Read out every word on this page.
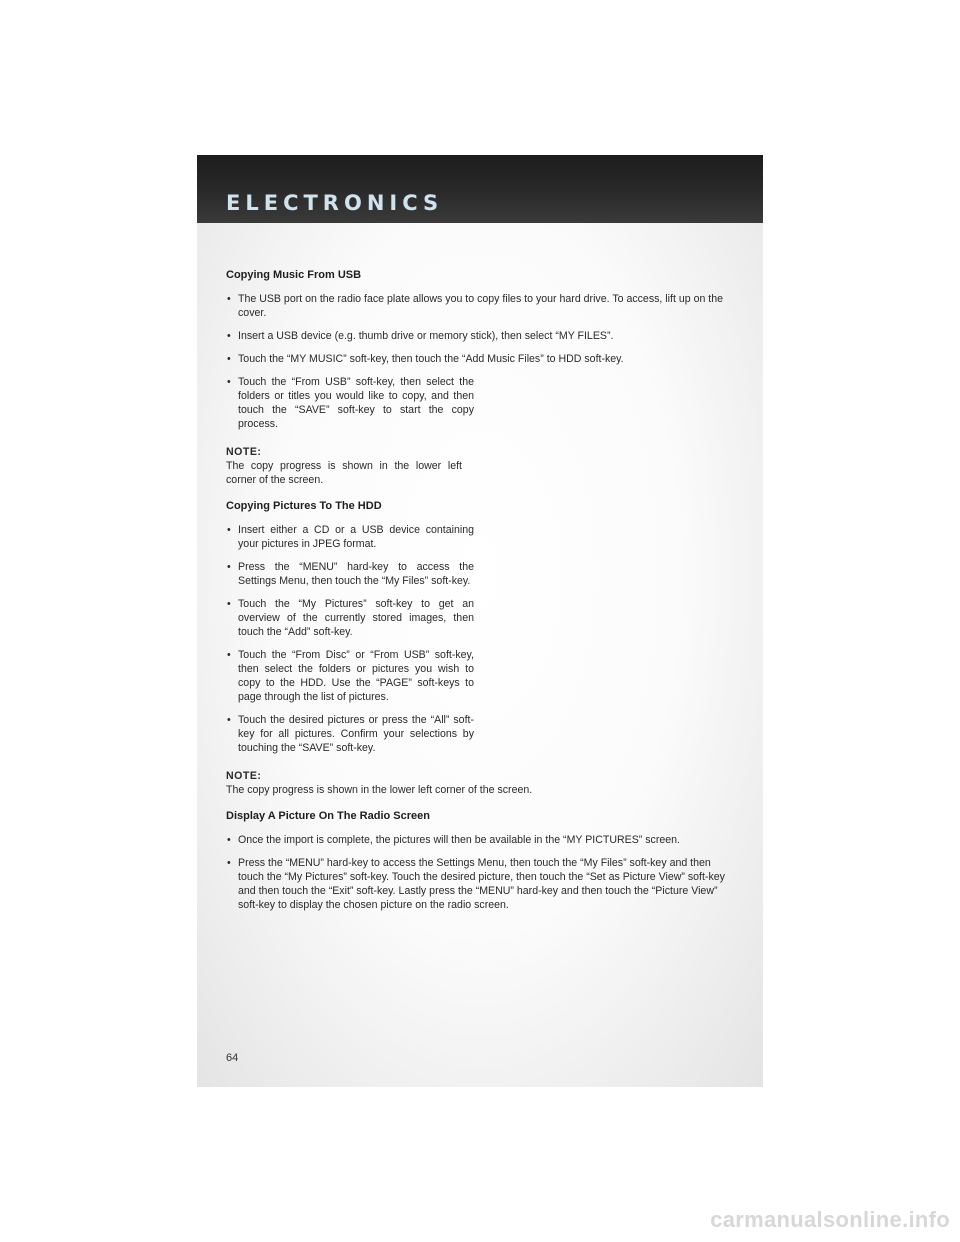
ELECTRONICS
Copying Music From USB
• The USB port on the radio face plate allows you to copy files to your hard drive. To access, lift up on the cover.
• Insert a USB device (e.g. thumb drive or memory stick), then select “MY FILES”.
• Touch the “MY MUSIC” soft-key, then touch the “Add Music Files” to HDD soft-key.
• Touch the “From USB” soft-key, then select the folders or titles you would like to copy, and then touch the “SAVE” soft-key to start the copy process.
NOTE:

The copy progress is shown in the lower left corner of the screen.

Copying Pictures To The HDD
• Insert either a CD or a USB device containing your pictures in JPEG format.
• Press the “MENU” hard-key to access the Settings Menu, then touch the “My Files” soft-key.
• Touch the “My Pictures” soft-key to get an overview of the currently stored images, then touch the “Add” soft-key.
• Touch the “From Disc” or “From USB” soft-key, then select the folders or pictures you wish to copy to the HDD. Use the “PAGE” soft-keys to page through the list of pictures.
• Touch the desired pictures or press the “All” soft-key for all pictures. Confirm your selections by touching the “SAVE” soft-key.
NOTE:

The copy progress is shown in the lower left corner of the screen.

Display A Picture On The Radio Screen
• Once the import is complete, the pictures will then be available in the “MY PICTURES” screen.
• Press the “MENU” hard-key to access the Settings Menu, then touch the “My Files” soft-key and then touch the “My Pictures” soft-key. Touch the desired picture, then touch the “Set as Picture View” soft-key and then touch the “Exit” soft-key. Lastly press the “MENU” hard-key and then touch the “Picture View” soft-key to display the chosen picture on the radio screen.
64
carmanualsonline.info
